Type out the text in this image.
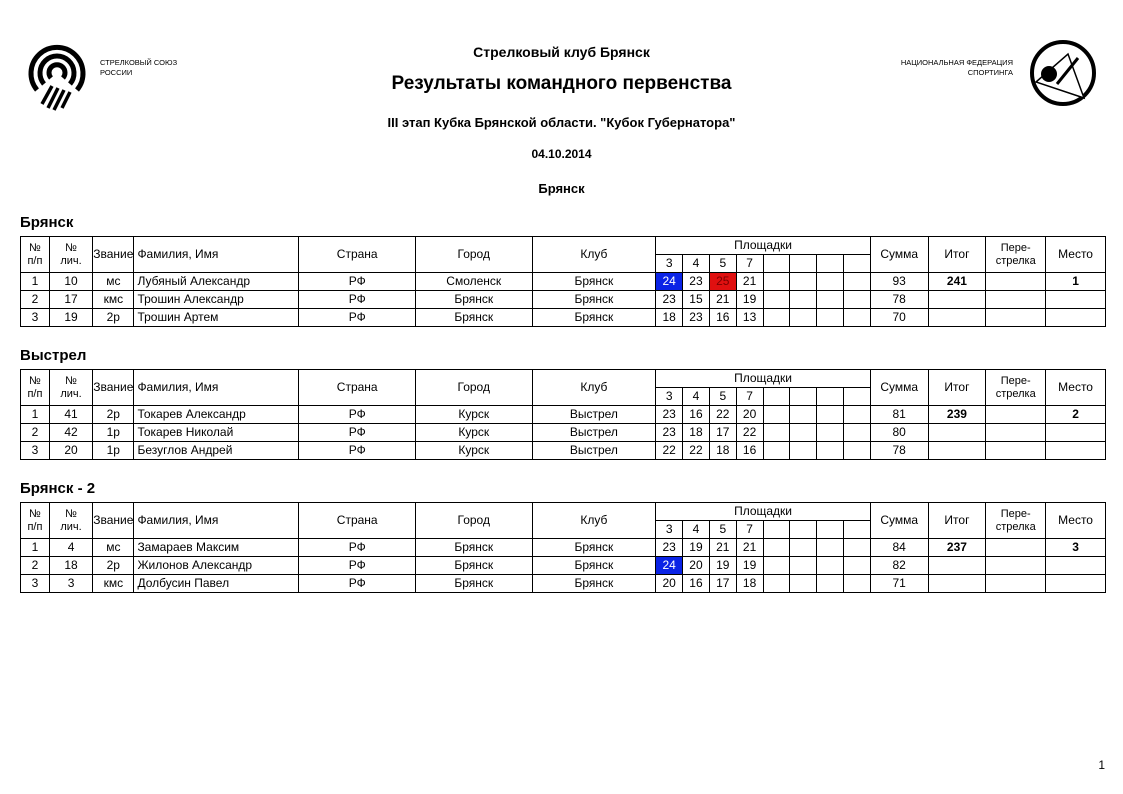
СТРЕЛКОВЫЙ СОЮЗ
РОССИИ
НАЦИОНАЛЬНАЯ ФЕДЕРАЦИЯ
СПОРТИНГА
Стрелковый клуб Брянск
Результаты командного первенства
III этап Кубка Брянской области. "Кубок Губернатора"
04.10.2014
Брянск
Брянск
№
п/п	№
лич.	Звание	Фамилия, Имя	Страна	Город	Клуб	Площадки								Сумма	Итог	Пере-
стрелка	Место
							3	4	5	7								
1	10	мс	Лубяный Александр	РФ	Смоленск	Брянск	24	23	25	21					93	241		1
2	17	кмс	Трошин Александр	РФ	Брянск	Брянск	23	15	21	19					78			
3	19	2р	Трошин Артем	РФ	Брянск	Брянск	18	23	16	13					70			
Выстрел
№
п/п	№
лич.	Звание	Фамилия, Имя	Страна	Город	Клуб	Площадки								Сумма	Итог	Пере-
стрелка	Место
							3	4	5	7								
1	41	2р	Токарев Александр	РФ	Курск	Выстрел	23	16	22	20					81	239		2
2	42	1р	Токарев Николай	РФ	Курск	Выстрел	23	18	17	22					80			
3	20	1р	Безуглов Андрей	РФ	Курск	Выстрел	22	22	18	16					78			
Брянск - 2
№
п/п	№
лич.	Звание	Фамилия, Имя	Страна	Город	Клуб	Площадки								Сумма	Итог	Пере-
стрелка	Место
							3	4	5	7								
1	4	мс	Замараев Максим	РФ	Брянск	Брянск	23	19	21	21					84	237		3
2	18	2р	Жилонов Александр	РФ	Брянск	Брянск	24	20	19	19					82			
3	3	кмс	Долбусин Павел	РФ	Брянск	Брянск	20	16	17	18					71			
1
